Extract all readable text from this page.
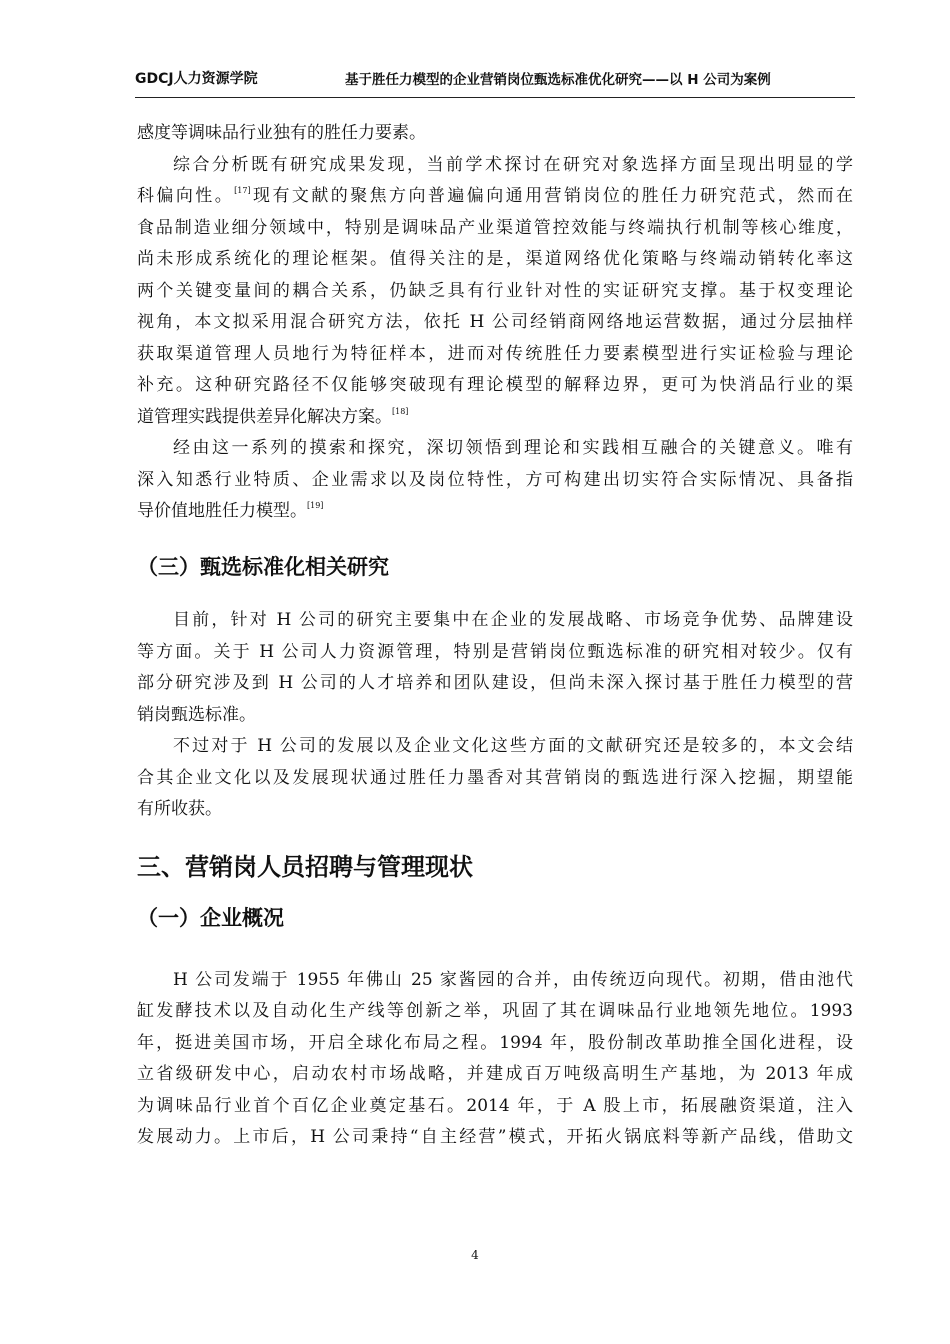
GDCJ人力资源学院	基于胜任力模型的企业营销岗位甄选标准优化研究——以 H 公司为案例
感度等调味品行业独有的胜任力要素。
综合分析既有研究成果发现，当前学术探讨在研究对象选择方面呈现出明显的学
科偏向性。[17]现有文献的聚焦方向普遍偏向通用营销岗位的胜任力研究范式，然而在
食品制造业细分领域中，特别是调味品产业渠道管控效能与终端执行机制等核心维度，
尚未形成系统化的理论框架。值得关注的是，渠道网络优化策略与终端动销转化率这
两个关键变量间的耦合关系，仍缺乏具有行业针对性的实证研究支撑。基于权变理论
视角，本文拟采用混合研究方法，依托 H 公司经销商网络地运营数据，通过分层抽样
获取渠道管理人员地行为特征样本，进而对传统胜任力要素模型进行实证检验与理论
补充。这种研究路径不仅能够突破现有理论模型的解释边界，更可为快消品行业的渠
道管理实践提供差异化解决方案。[18]
经由这一系列的摸索和探究，深切领悟到理论和实践相互融合的关键意义。唯有
深入知悉行业特质、企业需求以及岗位特性，方可构建出切实符合实际情况、具备指
导价值地胜任力模型。[19]
（三）甄选标准化相关研究
目前，针对 H 公司的研究主要集中在企业的发展战略、市场竞争优势、品牌建设
等方面。关于 H 公司人力资源管理，特别是营销岗位甄选标准的研究相对较少。仅有
部分研究涉及到 H 公司的人才培养和团队建设，但尚未深入探讨基于胜任力模型的营
销岗甄选标准。
不过对于 H 公司的发展以及企业文化这些方面的文献研究还是较多的，本文会结
合其企业文化以及发展现状通过胜任力墨香对其营销岗的甄选进行深入挖掘，期望能
有所收获。
三、营销岗人员招聘与管理现状
（一）企业概况
H 公司发端于 1955 年佛山 25 家酱园的合并，由传统迈向现代。初期，借由池代
缸发酵技术以及自动化生产线等创新之举，巩固了其在调味品行业地领先地位。1993
年，挺进美国市场，开启全球化布局之程。1994 年，股份制改革助推全国化进程，设
立省级研发中心，启动农村市场战略，并建成百万吨级高明生产基地，为 2013 年成
为调味品行业首个百亿企业奠定基石。2014 年，于 A 股上市，拓展融资渠道，注入
发展动力。上市后，H 公司秉持“自主经营”模式，开拓火锅底料等新产品线，借助文
4
